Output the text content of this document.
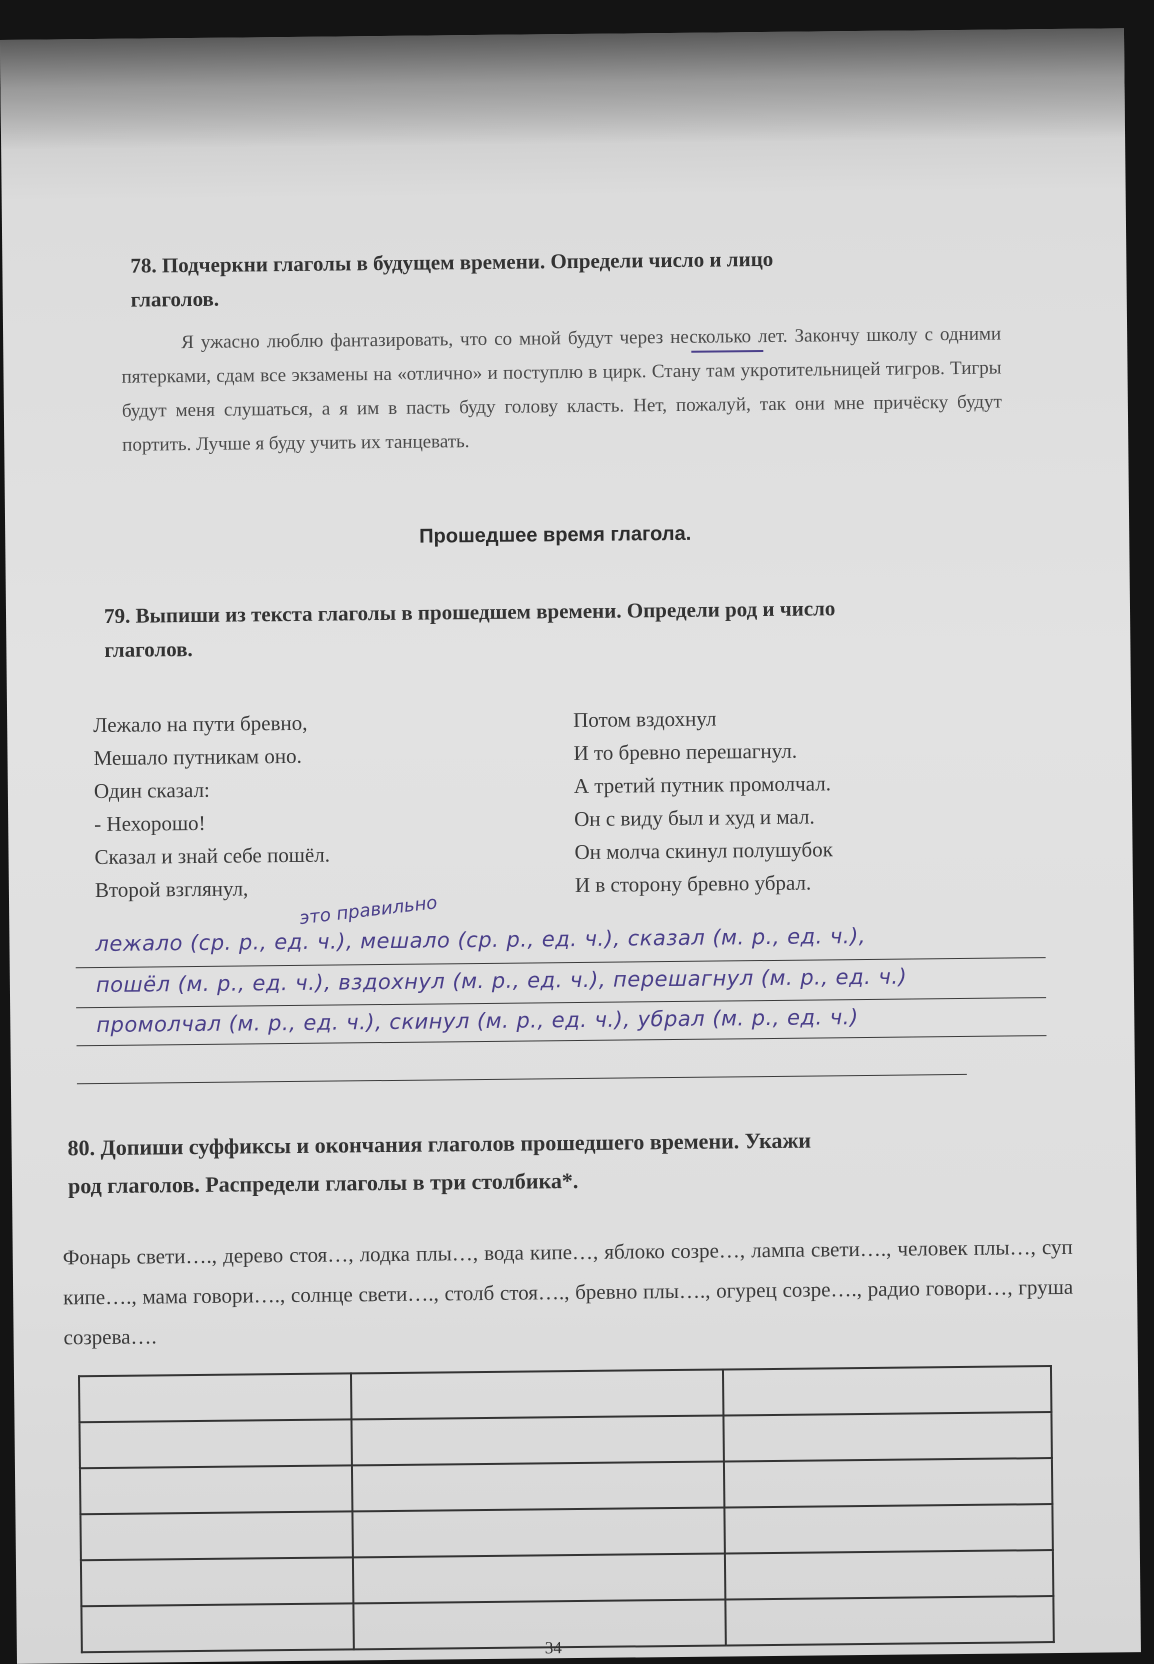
78. Подчеркни глаголы в будущем времени. Определи число и лицо
глаголов.
Я ужасно люблю фантазировать, что со мной будут через несколько лет. Закончу школу с одними пятерками, сдам все экзамены на «отлично» и поступлю в цирк. Стану там укротительницей тигров. Тигры будут меня слушаться, а я им в пасть буду голову класть. Нет, пожалуй, так они мне причёску будут портить. Лучше я буду учить их танцевать.
Прошедшее время глагола.
79. Выпиши из текста глаголы в прошедшем времени. Определи род и число
глаголов.
Лежало на пути бревно,
Мешало путникам оно.
Один сказал:
- Нехорошо!
Сказал и знай себе пошёл.
Второй взглянул,
Потом вздохнул
И то бревно перешагнул.
А третий путник промолчал.
Он с виду был и худ и мал.
Он молча скинул полушубок
И в сторону бревно убрал.
это правильно
лежало (ср. р., ед. ч.), мешало (ср. р., ед. ч.), сказал (м. р., ед. ч.),
пошёл (м. р., ед. ч.), вздохнул (м. р., ед. ч.), перешагнул (м. р., ед. ч.)
промолчал (м. р., ед. ч.), скинул (м. р., ед. ч.), убрал (м. р., ед. ч.)
80. Допиши суффиксы и окончания глаголов прошедшего времени. Укажи
род глаголов. Распредели глаголы в три столбика*.
Фонарь свети…., дерево стоя…, лодка плы…, вода кипе…, яблоко созре…, лампа свети…., человек плы…, суп кипе…., мама говори…., солнце свети…., столб стоя…., бревно плы…., огурец созре…., радио говори…, груша созрева….

34
